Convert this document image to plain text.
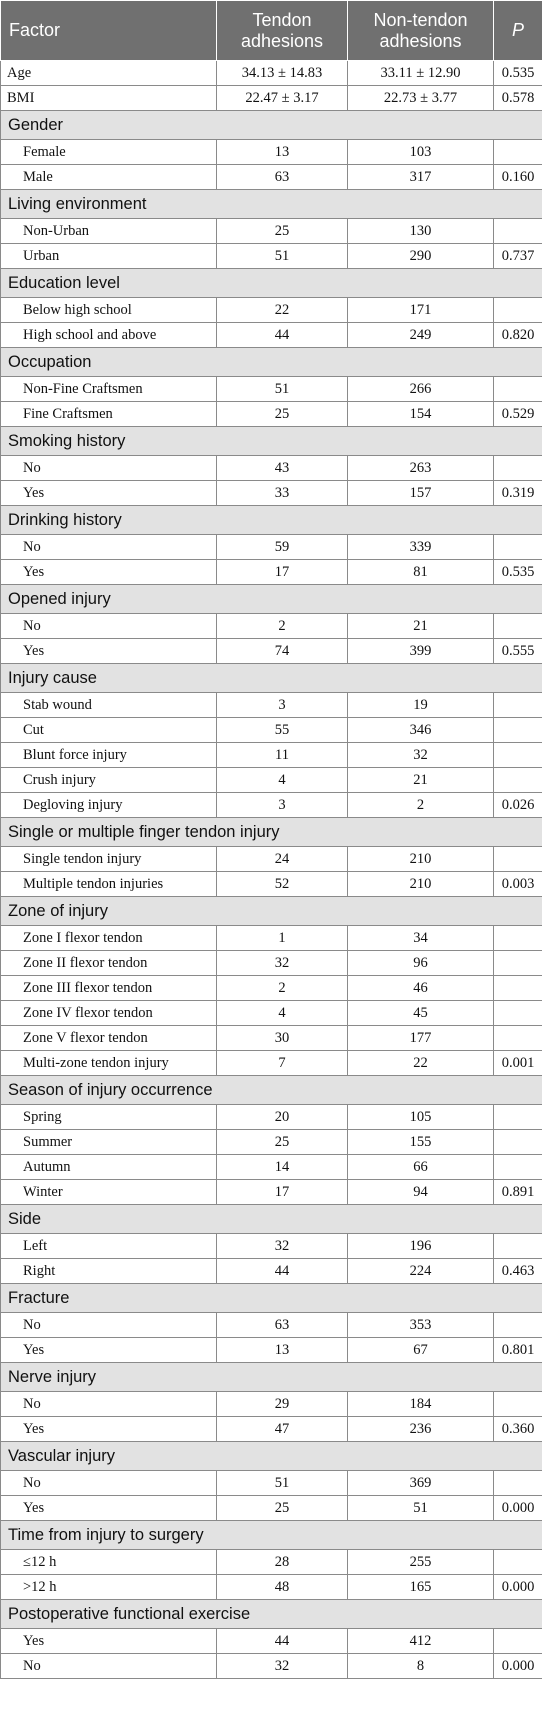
Factor	Tendon adhesions	Non-tendon adhesions	P
Age	34.13 ± 14.83	33.11 ± 12.90	0.535
BMI	22.47 ± 3.17	22.73 ± 3.77	0.578
Gender			
Female	13	103	
Male	63	317	0.160
Living environment			
Non-Urban	25	130	
Urban	51	290	0.737
Education level			
Below high school	22	171	
High school and above	44	249	0.820
Occupation			
Non-Fine Craftsmen	51	266	
Fine Craftsmen	25	154	0.529
Smoking history			
No	43	263	
Yes	33	157	0.319
Drinking history			
No	59	339	
Yes	17	81	0.535
Opened injury			
No	2	21	
Yes	74	399	0.555
Injury cause			
Stab wound	3	19	
Cut	55	346	
Blunt force injury	11	32	
Crush injury	4	21	
Degloving injury	3	2	0.026
Single or multiple finger tendon injury			
Single tendon injury	24	210	
Multiple tendon injuries	52	210	0.003
Zone of injury			
Zone I flexor tendon	1	34	
Zone II flexor tendon	32	96	
Zone III flexor tendon	2	46	
Zone IV flexor tendon	4	45	
Zone V flexor tendon	30	177	
Multi-zone tendon injury	7	22	0.001
Season of injury occurrence			
Spring	20	105	
Summer	25	155	
Autumn	14	66	
Winter	17	94	0.891
Side			
Left	32	196	
Right	44	224	0.463
Fracture			
No	63	353	
Yes	13	67	0.801
Nerve injury			
No	29	184	
Yes	47	236	0.360
Vascular injury			
No	51	369	
Yes	25	51	0.000
Time from injury to surgery			
≤12 h	28	255	
>12 h	48	165	0.000
Postoperative functional exercise			
Yes	44	412	
No	32	8	0.000
